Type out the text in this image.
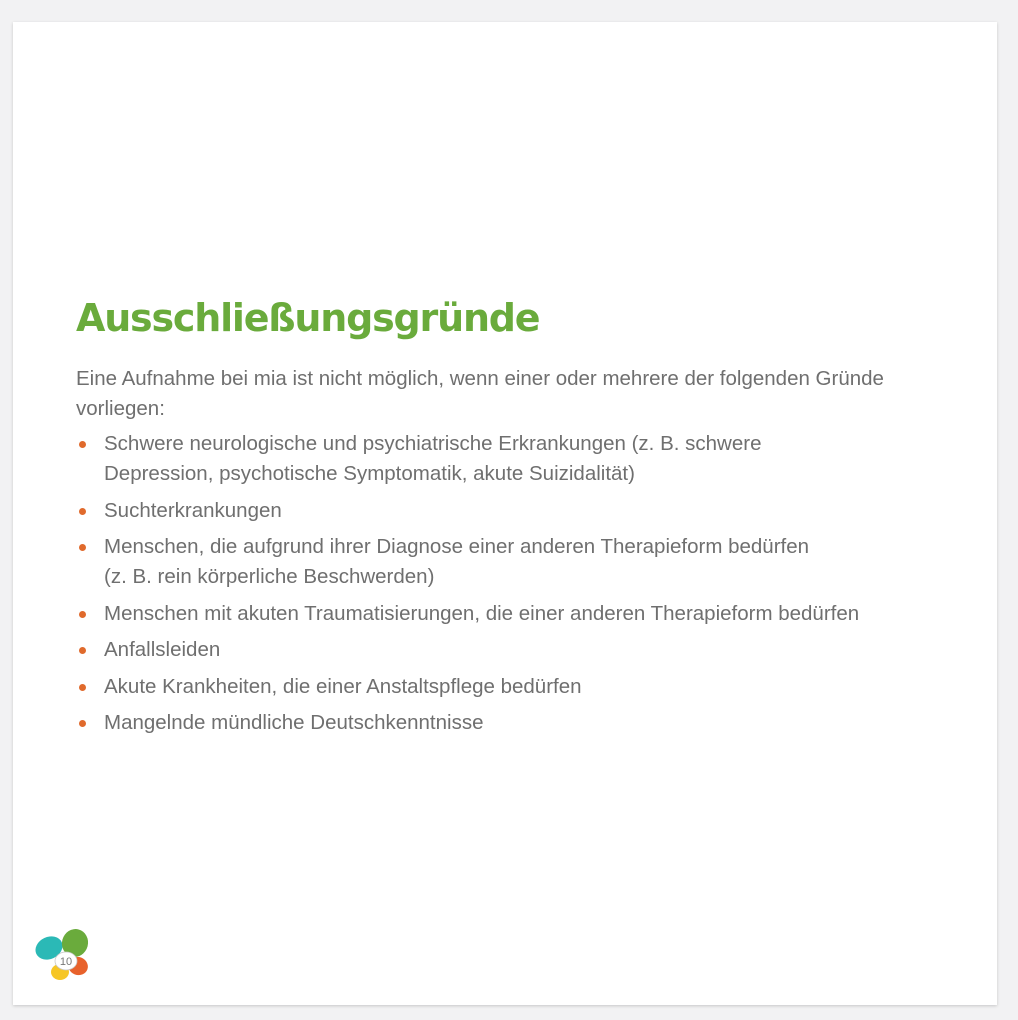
Ausschließungsgründe

Eine Aufnahme bei mia ist nicht möglich, wenn einer oder mehrere der folgenden Gründe vorliegen:

Schwere neurologische und psychiatrische Erkrankungen (z. B. schwere
Depression, psychotische Symptomatik, akute Suizidalität)
Suchterkrankungen
Menschen, die aufgrund ihrer Diagnose einer anderen Therapieform bedürfen
(z. B. rein körperliche Beschwerden)
Menschen mit akuten Traumatisierungen, die einer anderen Therapieform bedürfen
Anfallsleiden
Akute Krankheiten, die einer Anstaltspflege bedürfen
Mangelnde mündliche Deutschkenntnisse
10
